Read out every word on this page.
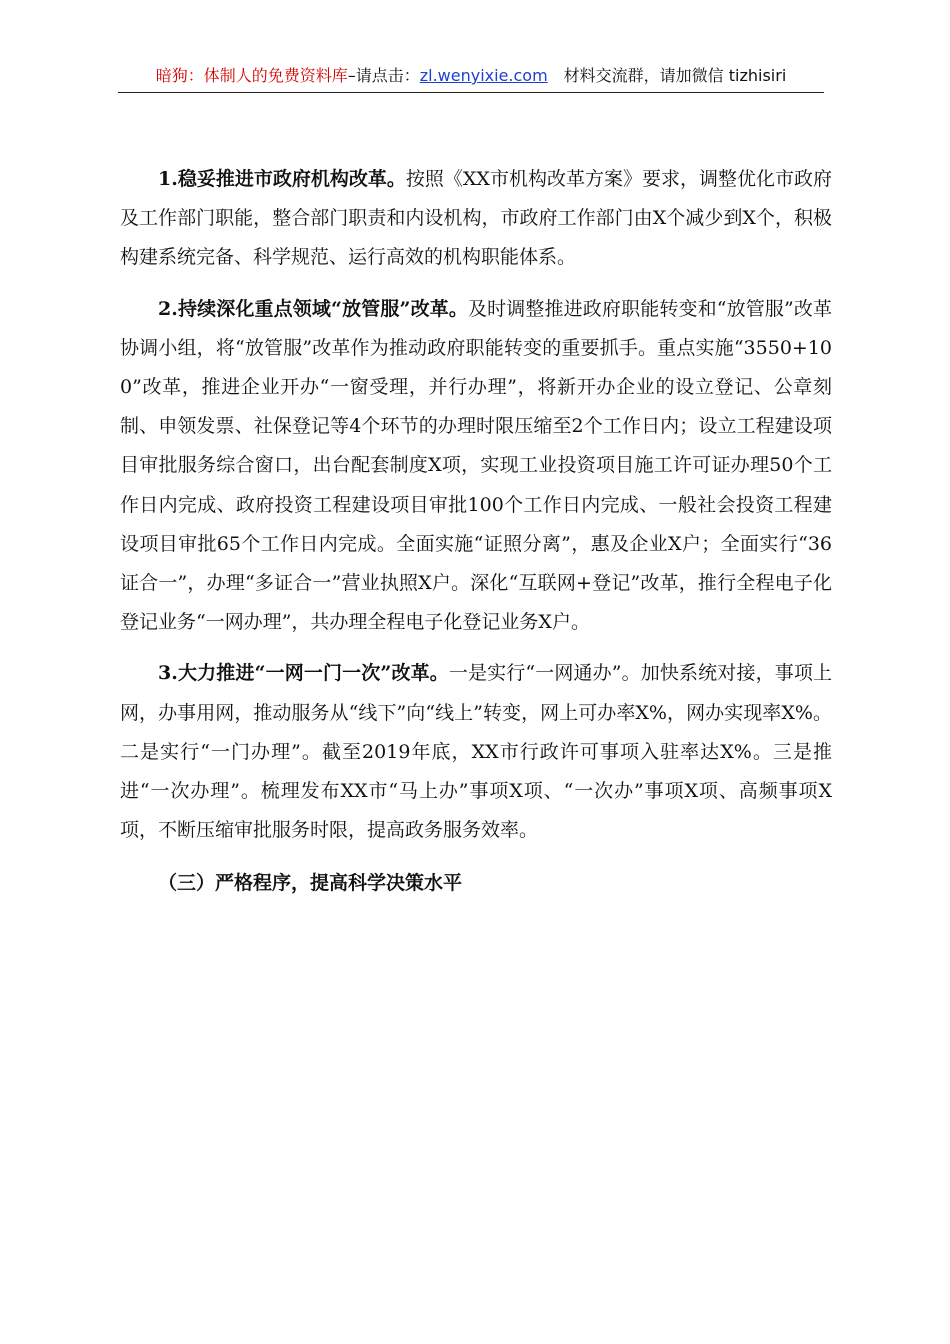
暗狗：体制人的免费资料库–请点击：zl.wenyixie.com 材料交流群，请加微信 tizhisiri

1.稳妥推进市政府机构改革。按照《XX市机构改革方案》要求，调整优化市政府及工作部门职能，整合部门职责和内设机构，市政府工作部门由X个减少到X个，积极构建系统完备、科学规范、运行高效的机构职能体系。

2.持续深化重点领域“放管服”改革。及时调整推进政府职能转变和“放管服”改革协调小组，将“放管服”改革作为推动政府职能转变的重要抓手。重点实施“3550+100”改革，推进企业开办“一窗受理，并行办理”，将新开办企业的设立登记、公章刻制、申领发票、社保登记等4个环节的办理时限压缩至2个工作日内；设立工程建设项目审批服务综合窗口，出台配套制度X项，实现工业投资项目施工许可证办理50个工作日内完成、政府投资工程建设项目审批100个工作日内完成、一般社会投资工程建设项目审批65个工作日内完成。全面实施“证照分离”，惠及企业X户；全面实行“36证合一”，办理“多证合一”营业执照X户。深化“互联网+登记”改革，推行全程电子化登记业务“一网办理”，共办理全程电子化登记业务X户。

3.大力推进“一网一门一次”改革。一是实行“一网通办”。加快系统对接，事项上网，办事用网，推动服务从“线下”向“线上”转变，网上可办率X%，网办实现率X%。二是实行“一门办理”。截至2019年底，XX市行政许可事项入驻率达X%。三是推进“一次办理”。梳理发布XX市“马上办”事项X项、“一次办”事项X项、高频事项X项，不断压缩审批服务时限，提高政务服务效率。

（三）严格程序，提高科学决策水平
